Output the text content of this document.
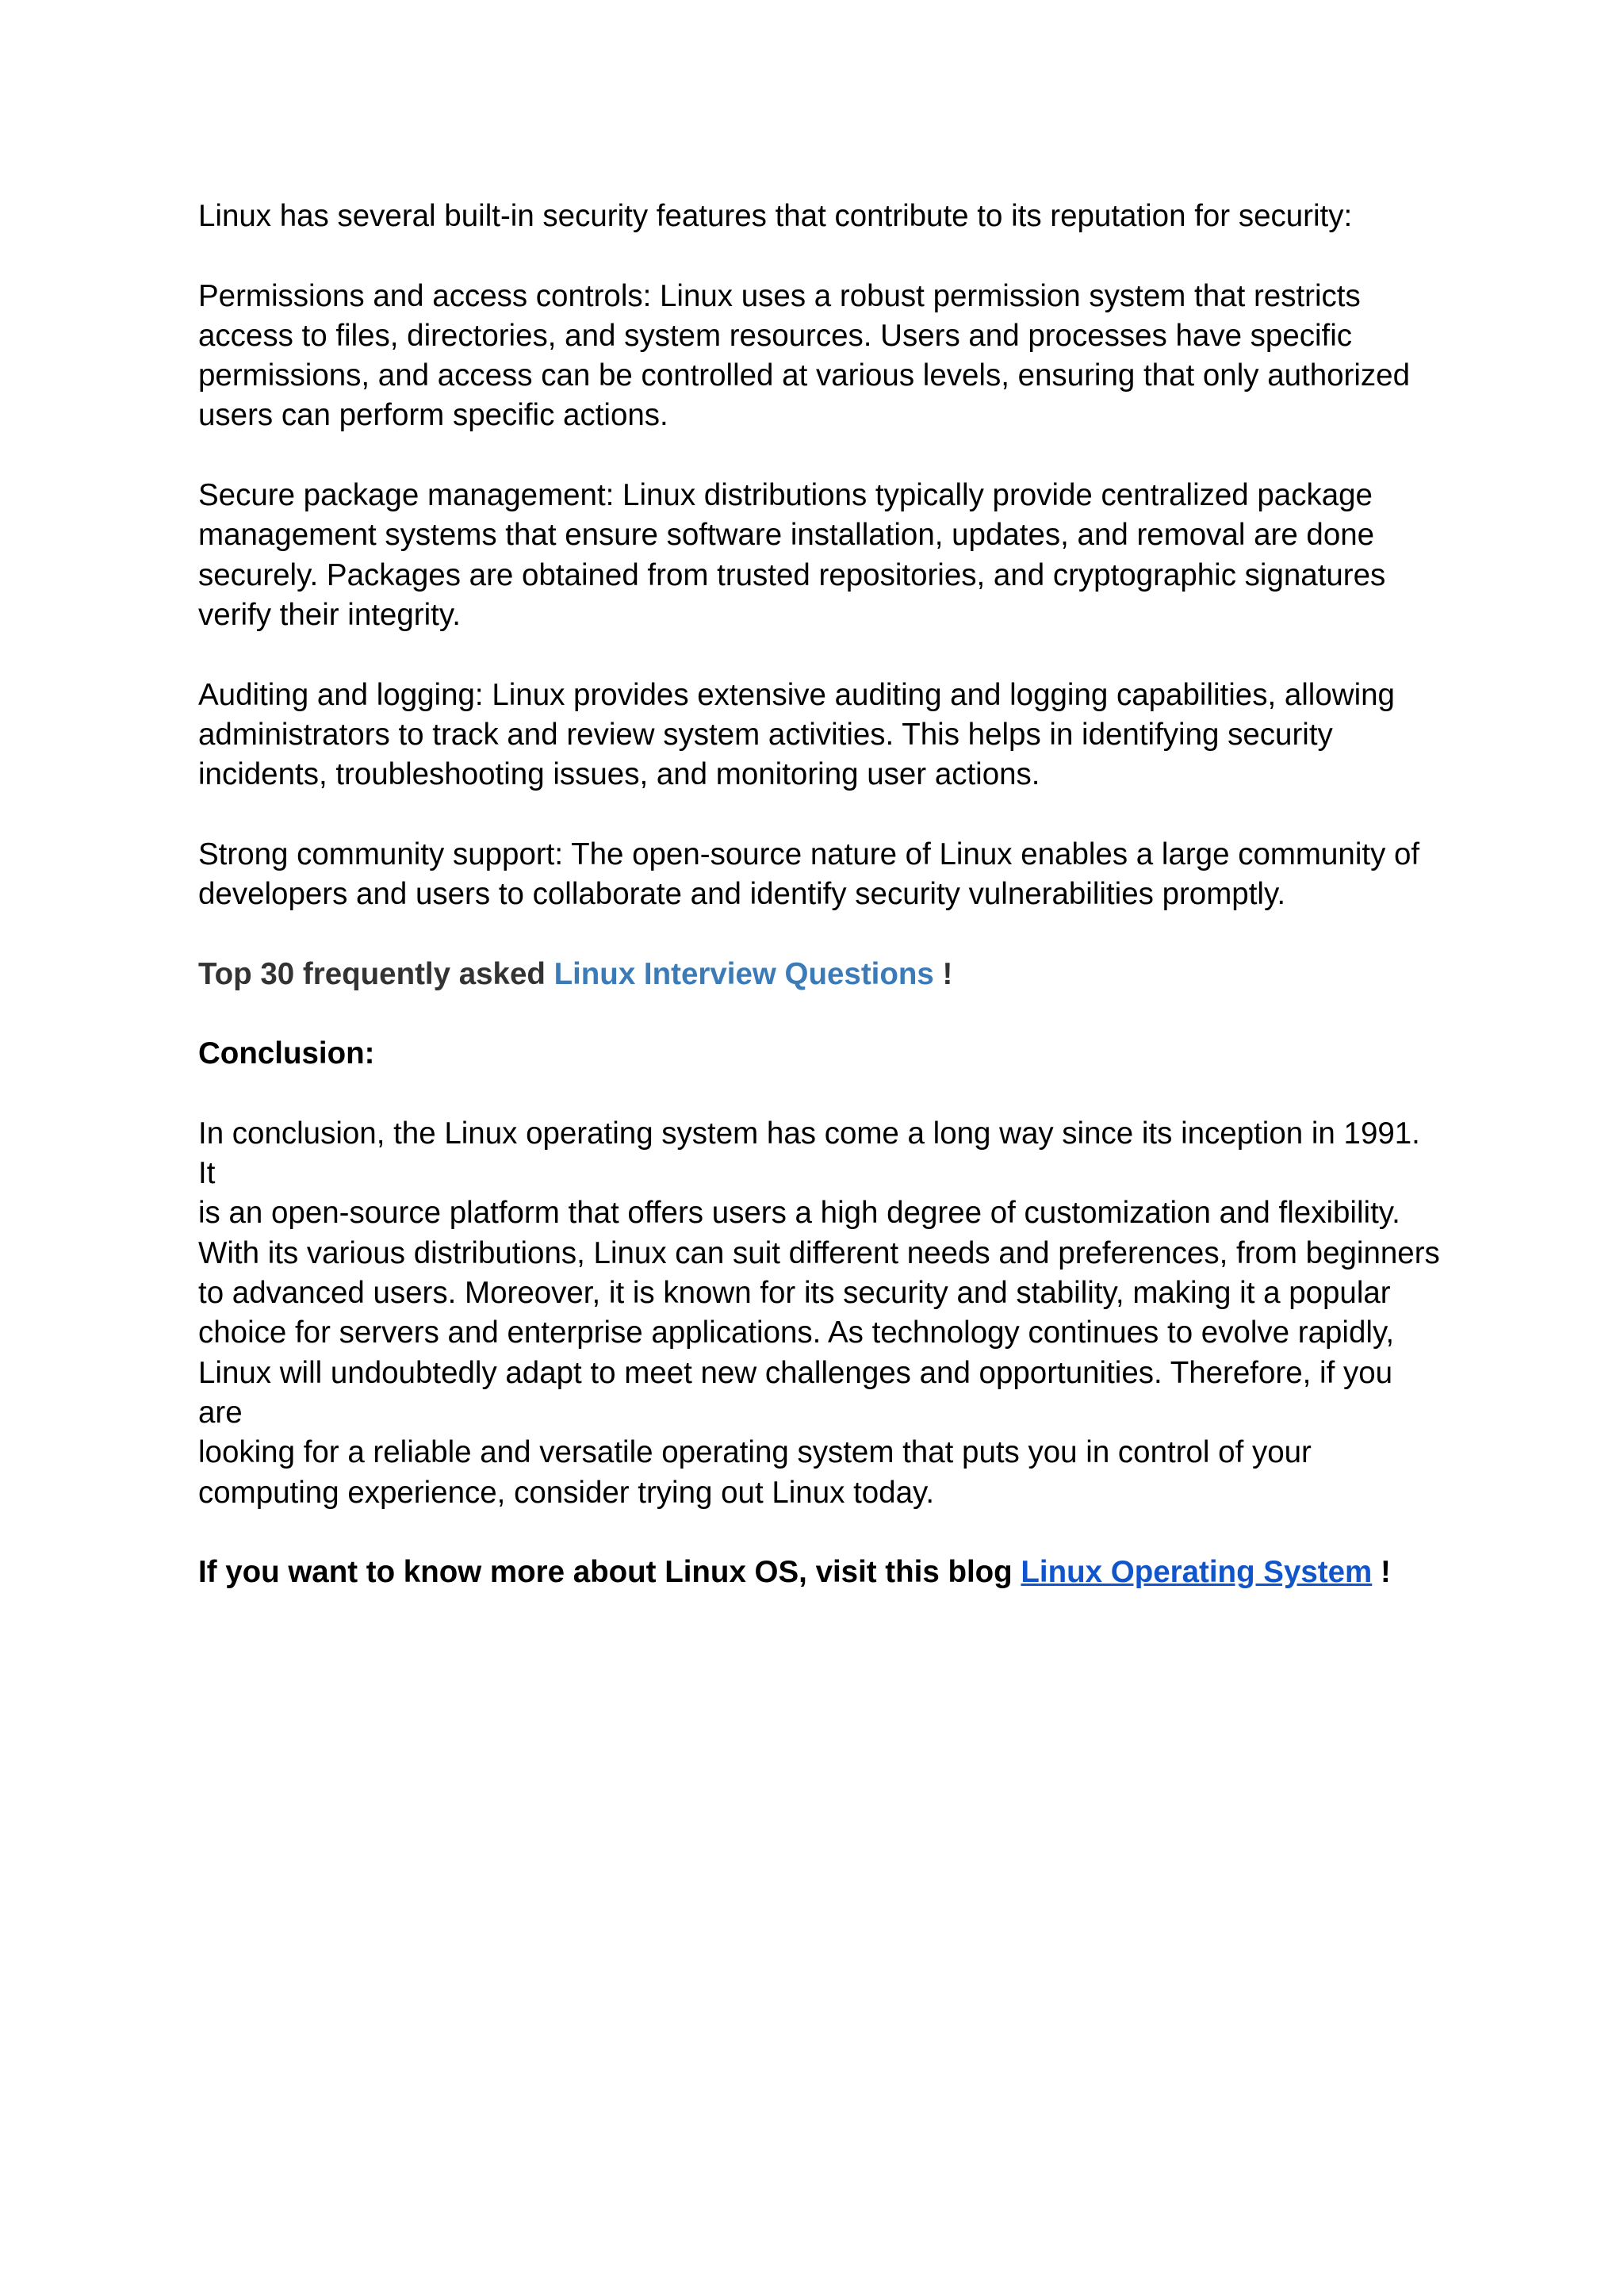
Linux has several built-in security features that contribute to its reputation for security:

Permissions and access controls: Linux uses a robust permission system that restricts

access to files, directories, and system resources. Users and processes have specific

permissions, and access can be controlled at various levels, ensuring that only authorized

users can perform specific actions.

Secure package management: Linux distributions typically provide centralized package

management systems that ensure software installation, updates, and removal are done

securely. Packages are obtained from trusted repositories, and cryptographic signatures

verify their integrity.

Auditing and logging: Linux provides extensive auditing and logging capabilities, allowing

administrators to track and review system activities. This helps in identifying security

incidents, troubleshooting issues, and monitoring user actions.

Strong community support: The open-source nature of Linux enables a large community of

developers and users to collaborate and identify security vulnerabilities promptly.

Top 30 frequently asked Linux Interview Questions !

Conclusion:

In conclusion, the Linux operating system has come a long way since its inception in 1991. It

is an open-source platform that offers users a high degree of customization and flexibility.

With its various distributions, Linux can suit different needs and preferences, from beginners

to advanced users. Moreover, it is known for its security and stability, making it a popular

choice for servers and enterprise applications. As technology continues to evolve rapidly,

Linux will undoubtedly adapt to meet new challenges and opportunities. Therefore, if you are

looking for a reliable and versatile operating system that puts you in control of your

computing experience, consider trying out Linux today.

If you want to know more about Linux OS, visit this blog Linux Operating System !
